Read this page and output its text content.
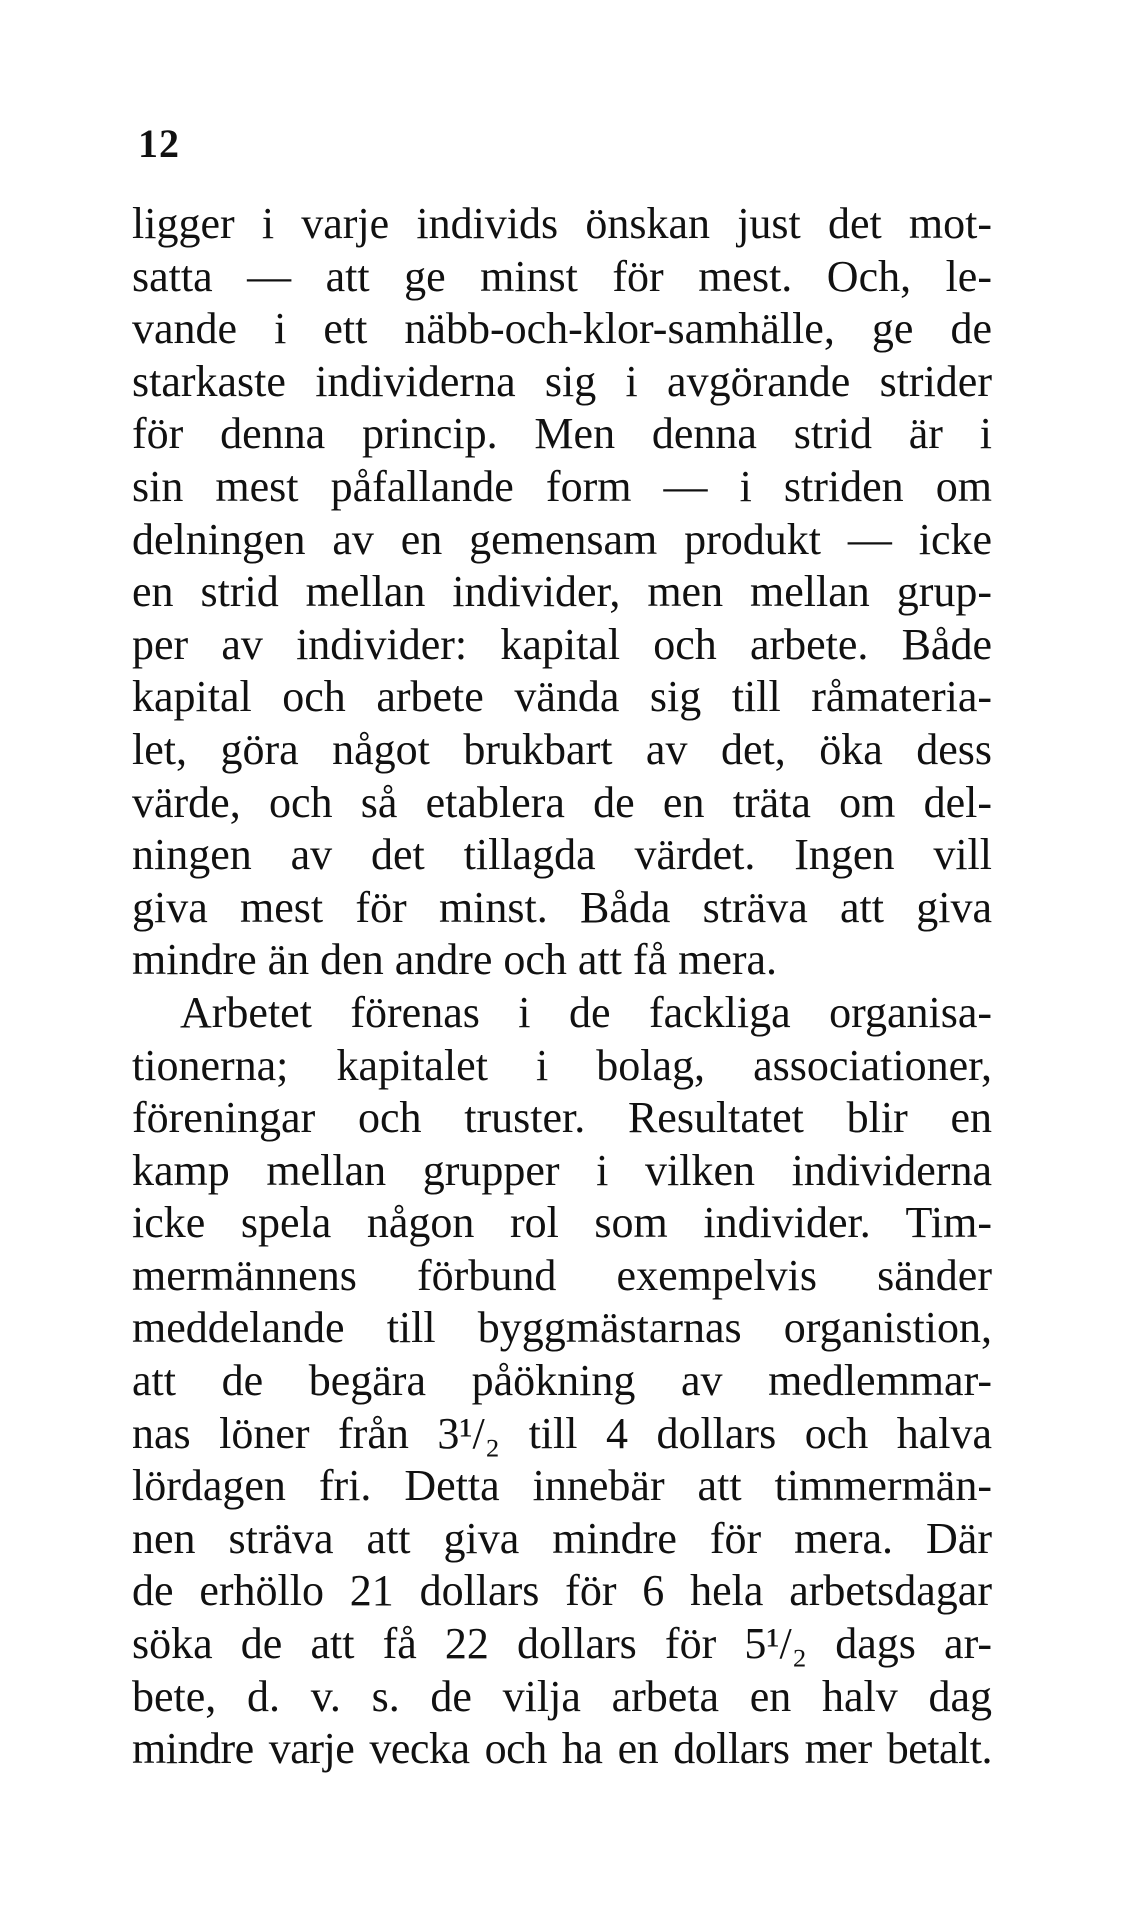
12
ligger i varje individs önskan just det mot-
satta — att ge minst för mest. Och, le-
vande i ett näbb-och-klor-samhälle, ge de
starkaste individerna sig i avgörande strider
för denna princip. Men denna strid är i
sin mest påfallande form — i striden om
delningen av en gemensam produkt — icke
en strid mellan individer, men mellan grup-
per av individer: kapital och arbete. Både
kapital och arbete vända sig till råmateria-
let, göra något brukbart av det, öka dess
värde, och så etablera de en träta om del-
ningen av det tillagda värdet. Ingen vill
giva mest för minst. Båda sträva att giva
mindre än den andre och att få mera.
Arbetet förenas i de fackliga organisa-
tionerna; kapitalet i bolag, associationer,
föreningar och truster. Resultatet blir en
kamp mellan grupper i vilken individerna
icke spela någon rol som individer. Tim-
mermännens förbund exempelvis sänder
meddelande till byggmästarnas organistion,
att de begära påökning av medlemmar-
nas löner från 3¹/₂ till 4 dollars och halva
lördagen fri. Detta innebär att timmermän-
nen sträva att giva mindre för mera. Där
de erhöllo 21 dollars för 6 hela arbetsdagar
söka de att få 22 dollars för 5¹/₂ dags ar-
bete, d. v. s. de vilja arbeta en halv dag
mindre varje vecka och ha en dollars mer betalt.
